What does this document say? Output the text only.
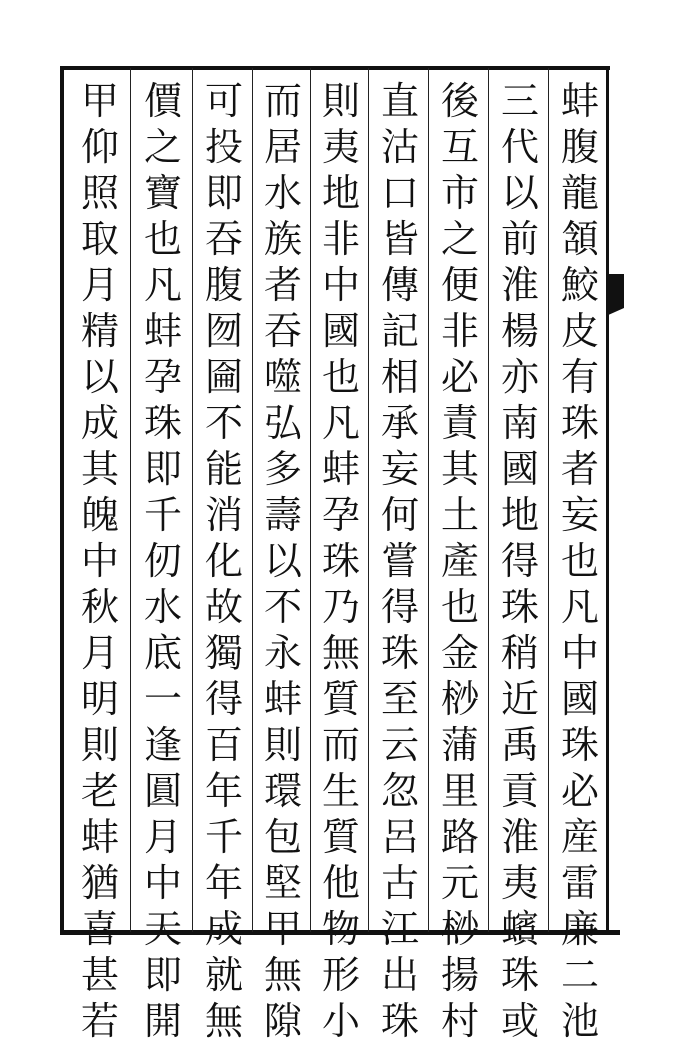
蚌
腹
龍
頷
鮫
皮
有
珠
者
妄
也
凡
中
國
珠
必
産
雷
廉
二
池
三
代
以
前
淮
楊
亦
南
國
地
得
珠
稍
近
禹
貢
淮
夷
蠙
珠
或
後
互
市
之
便
非
必
責
其
土
產
也
金
桫
蒲
里
路
元
桫
揚
村
直
沽
口
皆
傳
記
相
承
妄
何
嘗
得
珠
至
云
忽
呂
古
江
出
珠
則
夷
地
非
中
國
也
凡
蚌
孕
珠
乃
無
質
而
生
質
他
物
形
小
而
居
水
族
者
吞
噬
弘
多
壽
以
不
永
蚌
則
環
包
堅
甲
無
隙
可
投
即
吞
腹
囫
圇
不
能
消
化
故
獨
得
百
年
千
年
成
就
無
價
之
寶
也
凡
蚌
孕
珠
即
千
仞
水
底
一
逢
圓
月
中
天
即
開
甲
仰
照
取
月
精
以
成
其
魄
中
秋
月
明
則
老
蚌
猶
喜
甚
若
